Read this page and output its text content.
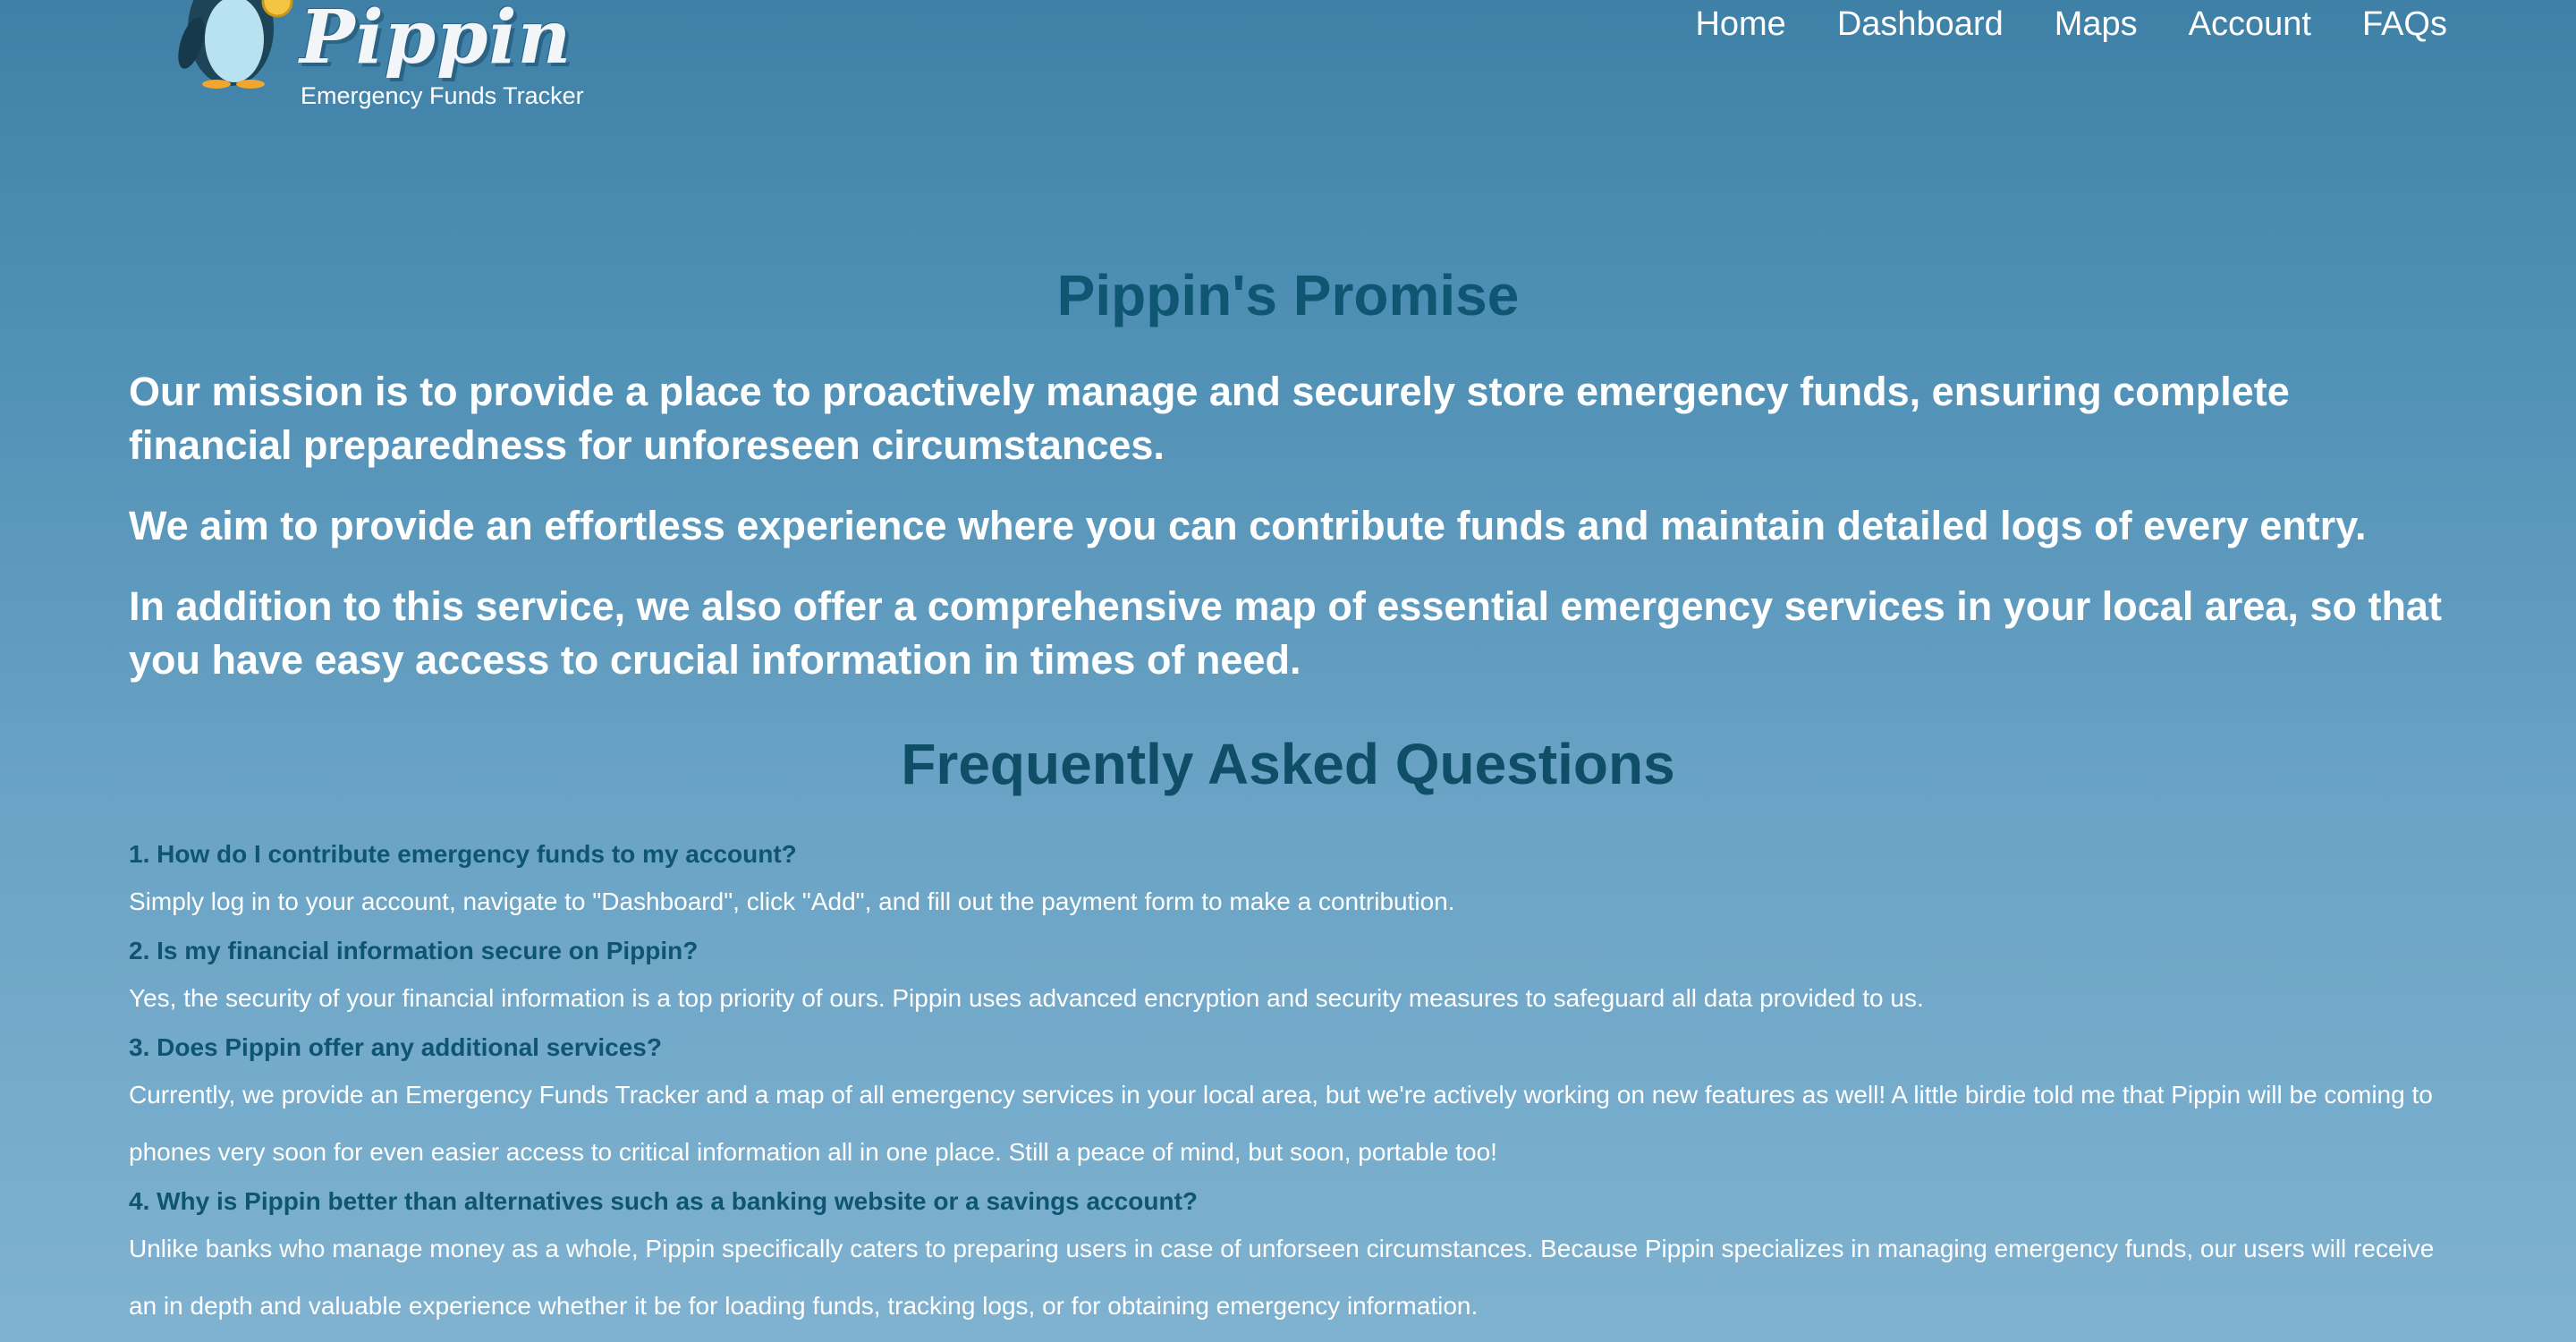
Pippin
Emergency Funds Tracker
Home Dashboard Maps Account FAQs
Pippin's Promise

Our mission is to provide a place to proactively manage and securely store emergency funds, ensuring complete financial preparedness for unforeseen circumstances.

We aim to provide an effortless experience where you can contribute funds and maintain detailed logs of every entry.

In addition to this service, we also offer a comprehensive map of essential emergency services in your local area, so that you have easy access to crucial information in times of need.

Frequently Asked Questions
1. How do I contribute emergency funds to my account?
Simply log in to your account, navigate to "Dashboard", click "Add", and fill out the payment form to make a contribution.
2. Is my financial information secure on Pippin?
Yes, the security of your financial information is a top priority of ours. Pippin uses advanced encryption and security measures to safeguard all data provided to us.
3. Does Pippin offer any additional services?
Currently, we provide an Emergency Funds Tracker and a map of all emergency services in your local area, but we're actively working on new features as well! A little birdie told me that Pippin will be coming to phones very soon for even easier access to critical information all in one place. Still a peace of mind, but soon, portable too!
4. Why is Pippin better than alternatives such as a banking website or a savings account?
Unlike banks who manage money as a whole, Pippin specifically caters to preparing users in case of unforseen circumstances. Because Pippin specializes in managing emergency funds, our users will receive an in depth and valuable experience whether it be for loading funds, tracking logs, or for obtaining emergency information.
